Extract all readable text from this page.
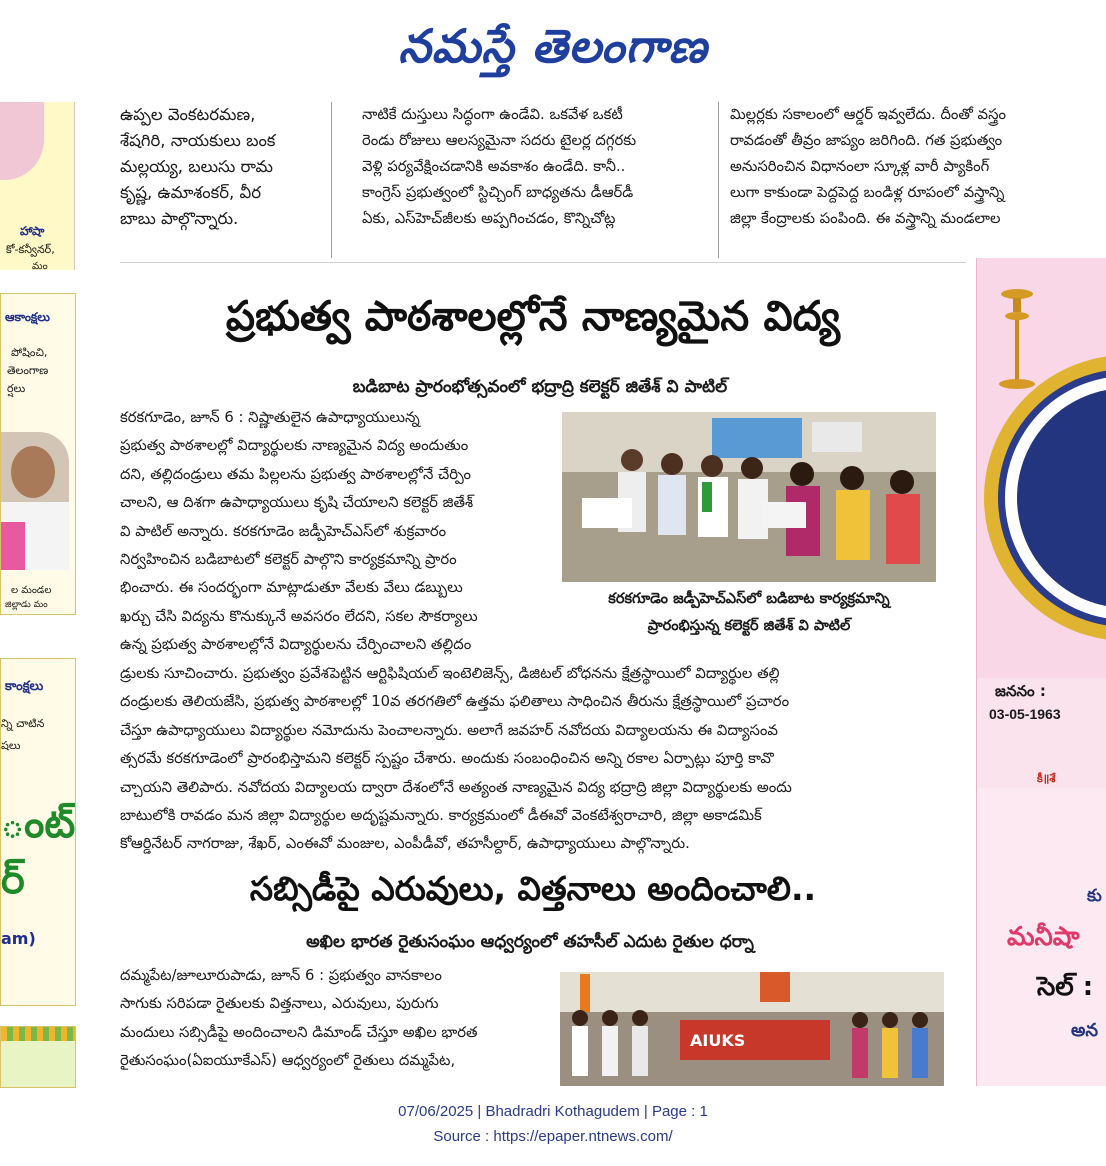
నమస్తే తెలంగాణ
హాషా
కో-కన్వీనర్,
మం
ఆకాంక్షలు
పోషించి,
తెలంగాణ
ర్షలు
ల మండల
జిల్లాడు మం
కాంక్షలు
న్ని చాటిన
షలు
ంట్
ర్
am)

ఉప్పల వెంకటరమణ,

శేషగిరి, నాయకులు బంక

మల్లయ్య, బలుసు రామ

కృష్ణ, ఉమాశంకర్, వీర

బాబు పాల్గొన్నారు.

నాటికే దుస్తులు సిద్ధంగా ఉండేవి. ఒకవేళ ఒకటీ

రెండు రోజులు ఆలస్యమైనా సదరు టైలర్ల దగ్గరకు

వెళ్లి పర్యవేక్షించడానికి అవకాశం ఉండేది. కానీ..

కాంగ్రెస్ ప్రభుత్వంలో స్టిచ్చింగ్ బాధ్యతను డీఆర్‌డీ

ఏకు, ఎస్‌హెచ్‌జీలకు అప్పగించడం, కొన్నిచోట్ల

మిల్లర్లకు సకాలంలో ఆర్డర్ ఇవ్వలేదు. దీంతో వస్త్రం

రావడంతో తీవ్రం జాప్యం జరిగింది. గత ప్రభుత్వం

అనుసరించిన విధానంలా స్కూళ్ల వారీ ప్యాకింగ్

లుగా కాకుండా పెద్దపెద్ద బండిళ్ల రూపంలో వస్త్రాన్ని

జిల్లా కేంద్రాలకు పంపింది. ఈ వస్త్రాన్ని మండలాల

ప్రభుత్వ పాఠశాలల్లోనే నాణ్యమైన విద్య
బడిబాట ప్రారంభోత్సవంలో భద్రాద్రి కలెక్టర్ జితేశ్ వి పాటిల్

కరకగూడెం, జూన్ 6 : నిష్ణాతులైన ఉపాధ్యాయులున్న

ప్రభుత్వ పాఠశాలల్లో విద్యార్థులకు నాణ్యమైన విద్య అందుతుం

దని, తల్లిదండ్రులు తమ పిల్లలను ప్రభుత్వ పాఠశాలల్లోనే చేర్పిం

చాలని, ఆ దిశగా ఉపాధ్యాయులు కృషి చేయాలని కలెక్టర్ జితేశ్

వి పాటిల్ అన్నారు. కరకగూడెం జడ్పీహెచ్‌ఎస్‌లో శుక్రవారం

నిర్వహించిన బడిబాటలో కలెక్టర్ పాల్గొని కార్యక్రమాన్ని ప్రారం

భించారు. ఈ సందర్భంగా మాట్లాడుతూ వేలకు వేలు డబ్బులు

ఖర్చు చేసి విద్యను కొనుక్కునే అవసరం లేదని, సకల సౌకర్యాలు

ఉన్న ప్రభుత్వ పాఠశాలల్లోనే విద్యార్థులను చేర్పించాలని తల్లిదం

కరకగూడెం జడ్పీహెచ్‌ఎస్‌లో బడిబాట కార్యక్రమాన్ని
ప్రారంభిస్తున్న కలెక్టర్ జితేశ్ వి పాటిల్

డ్రులకు సూచించారు. ప్రభుత్వం ప్రవేశపెట్టిన ఆర్టిఫిషియల్ ఇంటెలిజెన్స్, డిజిటల్ బోధనను క్షేత్రస్థాయిలో విద్యార్థుల తల్లి

దండ్రులకు తెలియజేసి, ప్రభుత్వ పాఠశాలల్లో 10వ తరగతిలో ఉత్తమ ఫలితాలు సాధించిన తీరును క్షేత్రస్థాయిలో ప్రచారం

చేస్తూ ఉపాధ్యాయులు విద్యార్థుల నమోదును పెంచాలన్నారు. అలాగే జవహర్ నవోదయ విద్యాలయను ఈ విద్యాసంవ

త్సరమే కరకగూడెంలో ప్రారంభిస్తామని కలెక్టర్ స్పష్టం చేశారు. అందుకు సంబంధించిన అన్ని రకాల ఏర్పాట్లు పూర్తి కావొ

చ్చాయని తెలిపారు. నవోదయ విద్యాలయ ద్వారా దేశంలోనే అత్యంత నాణ్యమైన విద్య భద్రాద్రి జిల్లా విద్యార్థులకు అందు

బాటులోకి రావడం మన జిల్లా విద్యార్థుల అదృష్టమన్నారు. కార్యక్రమంలో డీఈవో వెంకటేశ్వరాచారి, జిల్లా అకాడమిక్

కోఆర్డినేటర్ నాగరాజు, శేఖర్, ఎంఈవో మంజుల, ఎంపీడీవో, తహసీల్దార్, ఉపాధ్యాయులు పాల్గొన్నారు.

సబ్సిడీపై ఎరువులు, విత్తనాలు అందించాలి..
అఖిల భారత రైతుసంఘం ఆధ్వర్యంలో తహసీల్ ఎదుట రైతుల ధర్నా

దమ్మపేట/జూలూరుపాడు, జూన్ 6 : ప్రభుత్వం వానకాలం

సాగుకు సరిపడా రైతులకు విత్తనాలు, ఎరువులు, పురుగు

మందులు సబ్సిడీపై అందించాలని డిమాండ్ చేస్తూ అఖిల భారత

రైతుసంఘం(ఏఐయూకేఎస్) ఆధ్వర్యంలో రైతులు దమ్మపేట,

AIUKS
జననం :
03-05-1963
కీ॥శే
కు
మనీషా
సెల్ :
అన
07/06/2025 | Bhadradri Kothagudem | Page : 1
Source : https://epaper.ntnews.com/
